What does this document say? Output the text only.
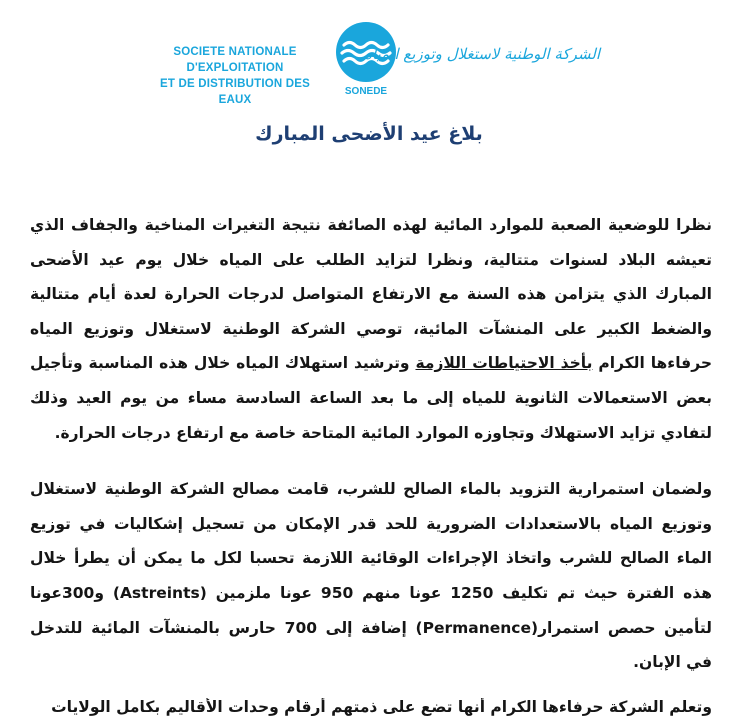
SOCIETE NATIONALE D'EXPLOITATION
ET DE DISTRIBUTION DES EAUX
SONEDE
الشركة الوطنية لاستغلال وتوزيع المياه
بلاغ عيد الأضحى المبارك

نظرا للوضعية الصعبة للموارد المائية لهذه الصائفة نتيجة التغيرات المناخية والجفاف الذي تعيشه البلاد لسنوات متتالية، ونظرا لتزايد الطلب على المياه خلال يوم عيد الأضحى المبارك الذي يتزامن هذه السنة مع الارتفاع المتواصل لدرجات الحرارة لعدة أيام متتالية والضغط الكبير على المنشآت المائية، توصي الشركة الوطنية لاستغلال وتوزيع المياه حرفاءها الكرام بأخذ الاحتياطات اللازمة وترشيد استهلاك المياه خلال هذه المناسبة وتأجيل بعض الاستعمالات الثانوية للمياه إلى ما بعد الساعة السادسة مساء من يوم العيد وذلك لتفادي تزايد الاستهلاك وتجاوزه الموارد المائية المتاحة خاصة مع ارتفاع درجات الحرارة.

ولضمان استمرارية التزويد بالماء الصالح للشرب، قامت مصالح الشركة الوطنية لاستغلال وتوزيع المياه بالاستعدادات الضرورية للحد قدر الإمكان من تسجيل إشكاليات في توزيع الماء الصالح للشرب واتخاذ الإجراءات الوقائية اللازمة تحسبا لكل ما يمكن أن يطرأ خلال هذه الفترة حيث تم تكليف 1250 عونا منهم 950 عونا ملزمين (Astreints) و300عونا لتأمين حصص استمرار(Permanence) إضافة إلى 700 حارس بالمنشآت المائية للتدخل في الإبان.

وتعلم الشركة حرفاءها الكرام أنها تضع على ذمتهم أرقام وحدات الأقاليم بكامل الولايات
